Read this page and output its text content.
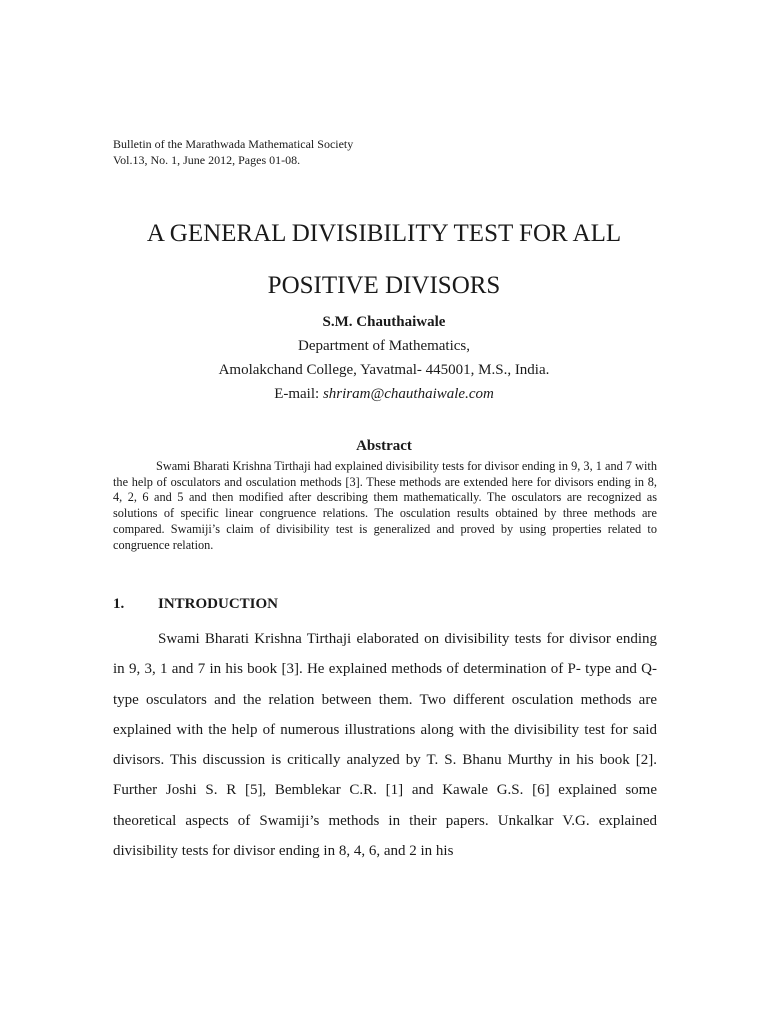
Bulletin of the Marathwada Mathematical Society
Vol.13, No. 1, June 2012, Pages 01-08.
A GENERAL DIVISIBILITY TEST FOR ALL
POSITIVE DIVISORS
S.M. Chauthaiwale
Department of Mathematics,
Amolakchand College, Yavatmal- 445001, M.S., India.
E-mail: shriram@chauthaiwale.com
Abstract
Swami Bharati Krishna Tirthaji had explained divisibility tests for divisor ending in 9, 3, 1 and 7 with the help of osculators and osculation methods [3]. These methods are extended here for divisors ending in 8, 4, 2, 6 and 5 and then modified after describing them mathematically. The osculators are recognized as solutions of specific linear congruence relations. The osculation results obtained by three methods are compared. Swamiji’s claim of divisibility test is generalized and proved by using properties related to congruence relation.
1. INTRODUCTION
Swami Bharati Krishna Tirthaji elaborated on divisibility tests for divisor ending in 9, 3, 1 and 7 in his book [3]. He explained methods of determination of P- type and Q- type osculators and the relation between them. Two different osculation methods are explained with the help of numerous illustrations along with the divisibility test for said divisors. This discussion is critically analyzed by T. S. Bhanu Murthy in his book [2]. Further Joshi S. R [5], Bemblekar C.R. [1] and Kawale G.S. [6] explained some theoretical aspects of Swamiji’s methods in their papers. Unkalkar V.G. explained divisibility tests for divisor ending in 8, 4, 6, and 2 in his
